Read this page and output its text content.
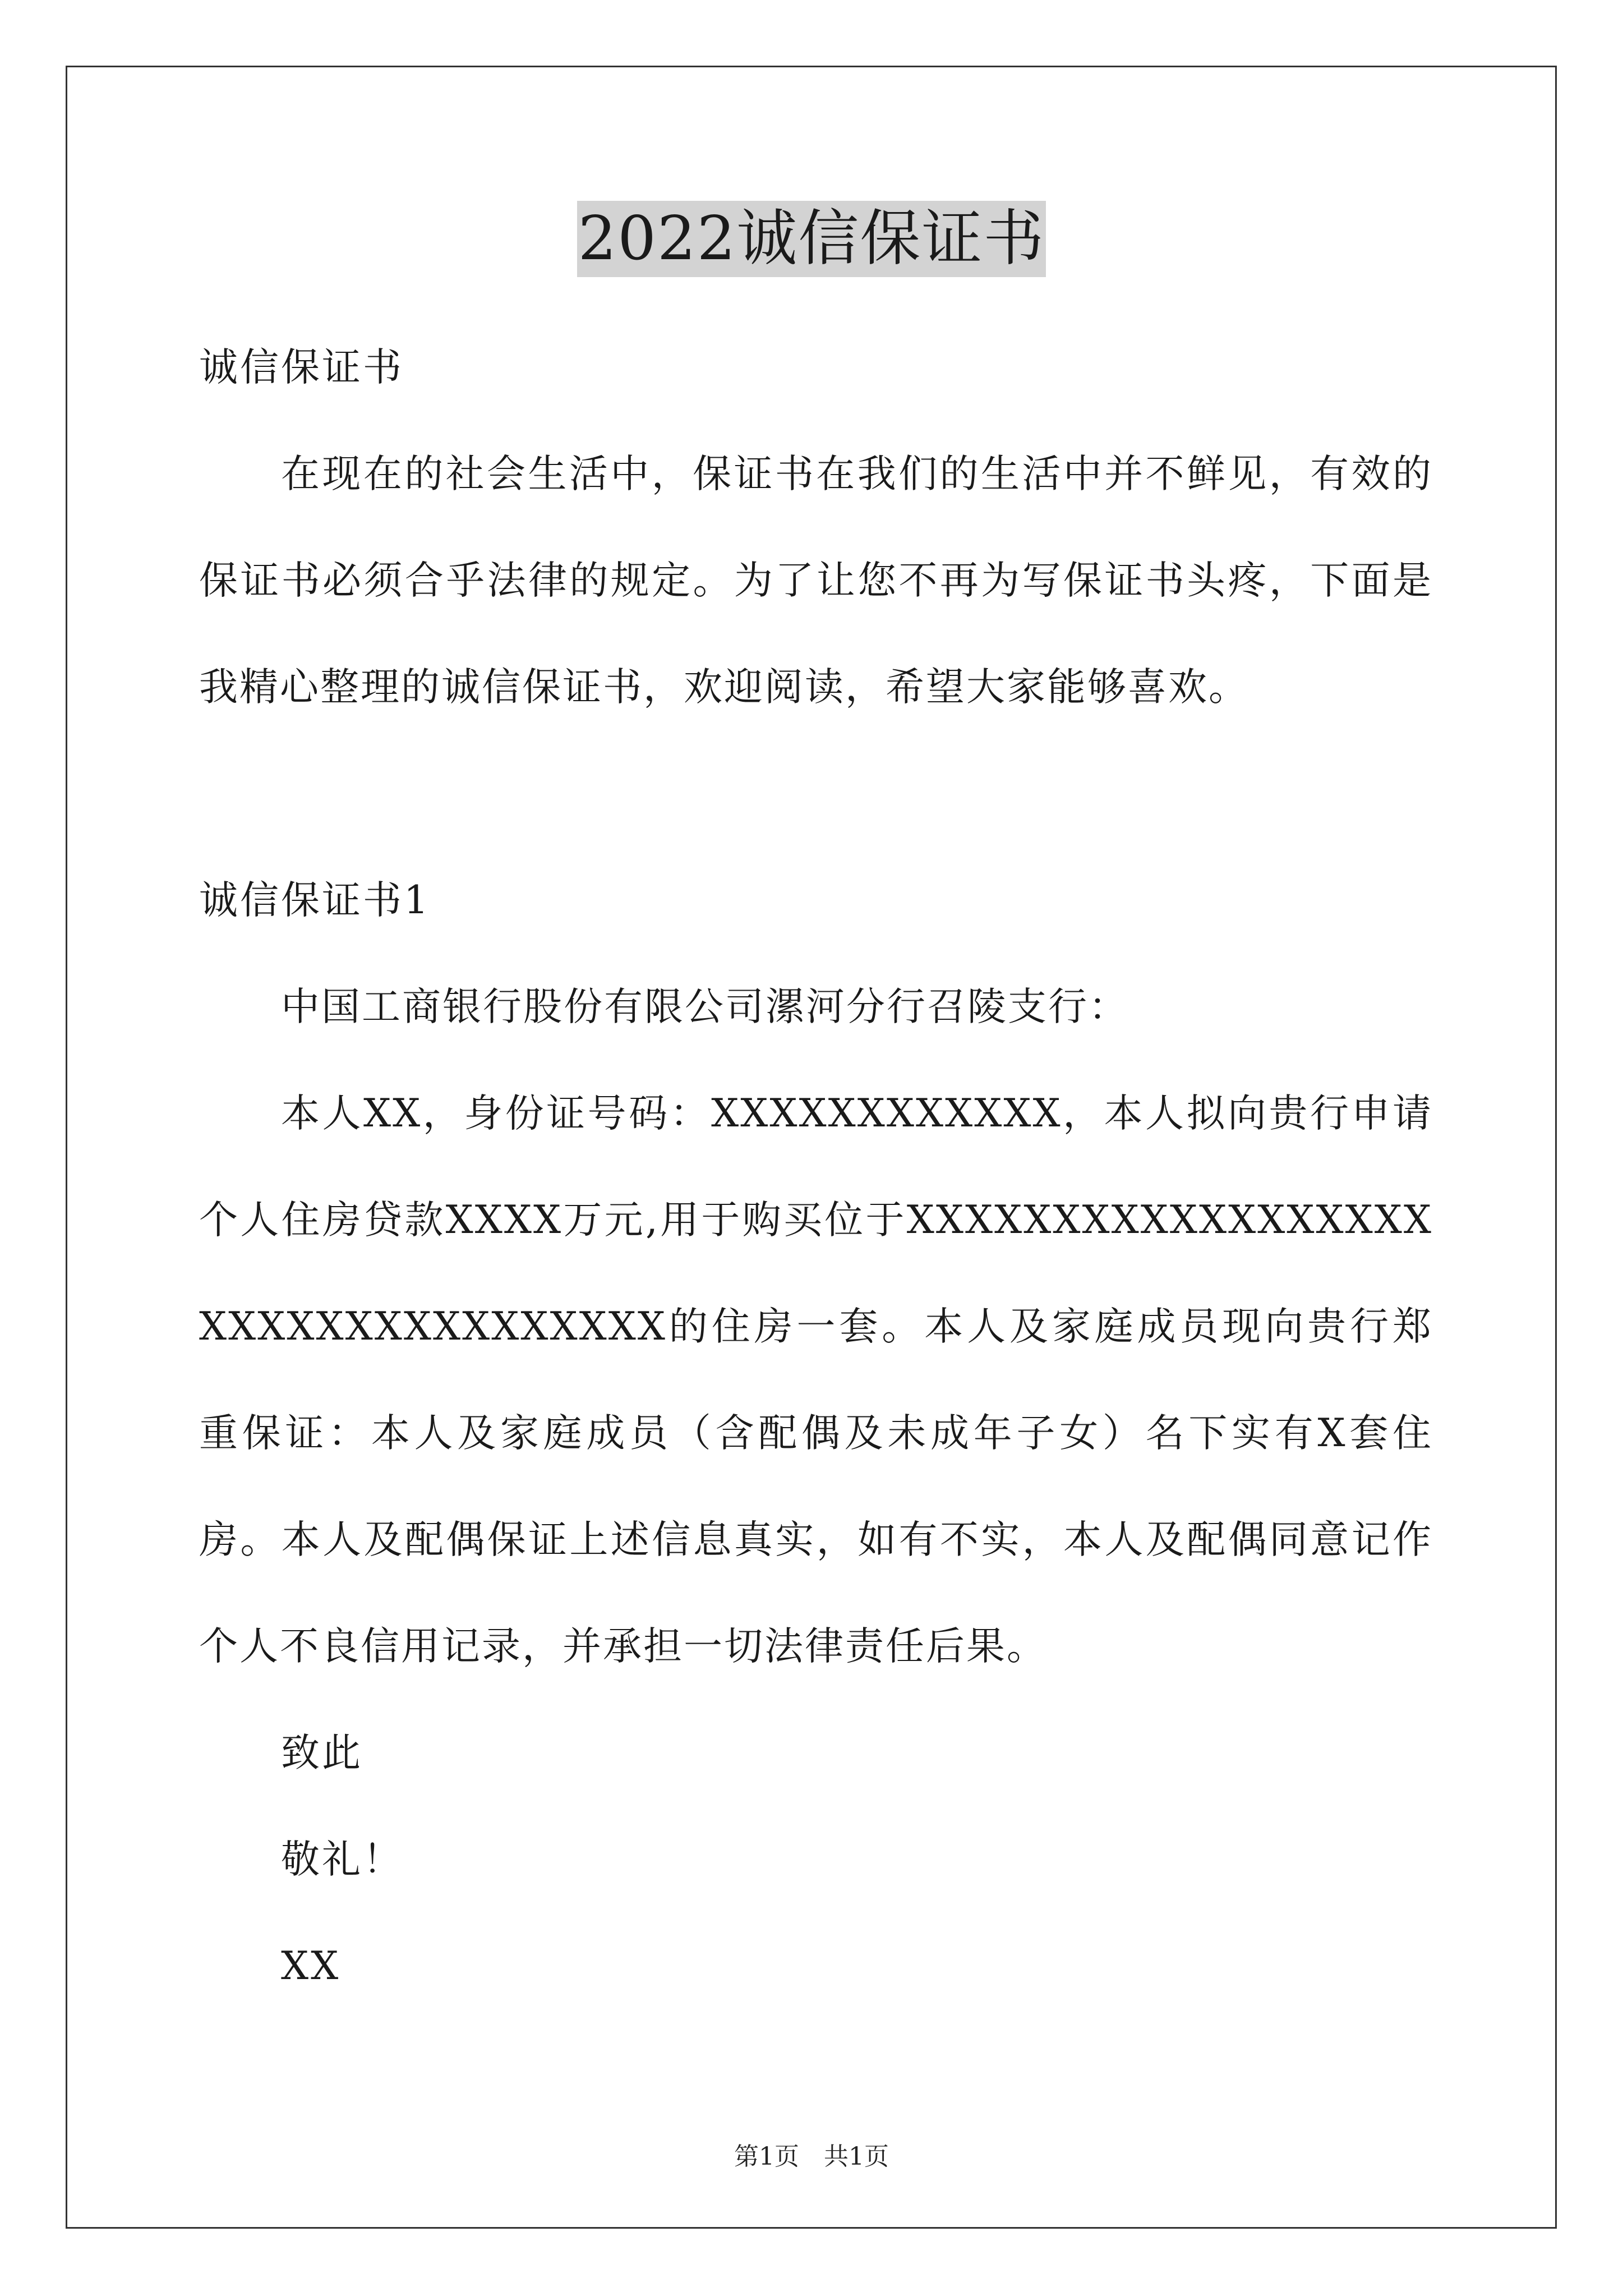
2022诚信保证书

诚信保证书

在现在的社会生活中，保证书在我们的生活中并不鲜见，有效的保证书必须合乎法律的规定。为了让您不再为写保证书头疼，下面是我精心整理的诚信保证书，欢迎阅读，希望大家能够喜欢。

诚信保证书1

中国工商银行股份有限公司漯河分行召陵支行：

本人XX，身份证号码：XXXXXXXXXXXX，本人拟向贵行申请个人住房贷款XXXX万元,用于购买位于XXXXXXXXXXXXXXXXXXXXXXXXXXXXXXXXXX的住房一套。本人及家庭成员现向贵行郑重保证：本人及家庭成员（含配偶及未成年子女）名下实有X套住房。本人及配偶保证上述信息真实，如有不实，本人及配偶同意记作个人不良信用记录，并承担一切法律责任后果。

致此

敬礼！

XX

第1页 共1页
